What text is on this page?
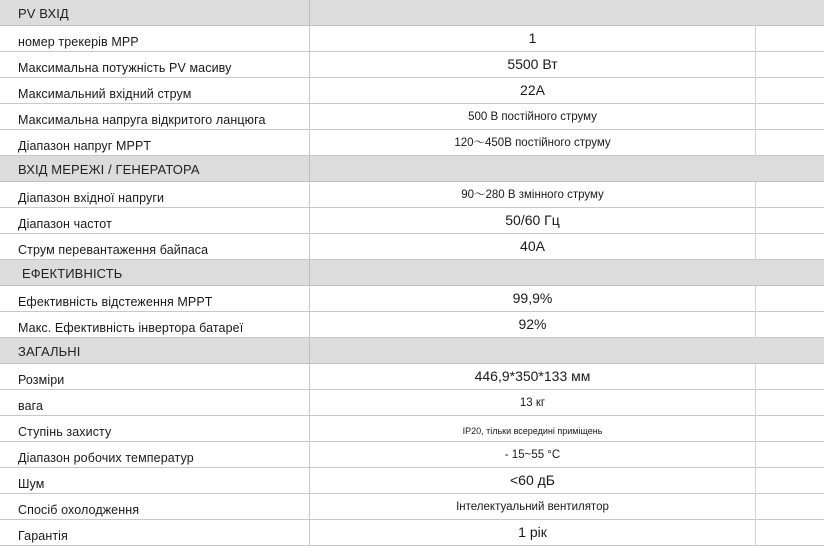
PV ВХІД
номер трекерів MPP	1
Максимальна потужність PV масиву	5500 Вт
Максимальний вхідний струм	22A
Максимальна напруга відкритого ланцюга	500 В постійного струму
Діапазон напруг MPPT	120～450В постійного струму
ВХІД МЕРЕЖІ / ГЕНЕРАТОРА
Діапазон вхідної напруги	90～280 В змінного струму
Діапазон частот	50/60 Гц
Струм перевантаження байпаса	40A
ЕФЕКТИВНІСТЬ
Ефективність відстеження MPPT	99,9%
Макс. Ефективність інвертора батареї	92%
ЗАГАЛЬНІ
Розміри	446,9*350*133 мм
вага	13 кг
Ступінь захисту	IP20, тільки всередині приміщень
Діапазон робочих температур	- 15~55 °C
Шум	<60 дБ
Спосіб охолодження	Інтелектуальний вентилятор
Гарантія	1 рік
